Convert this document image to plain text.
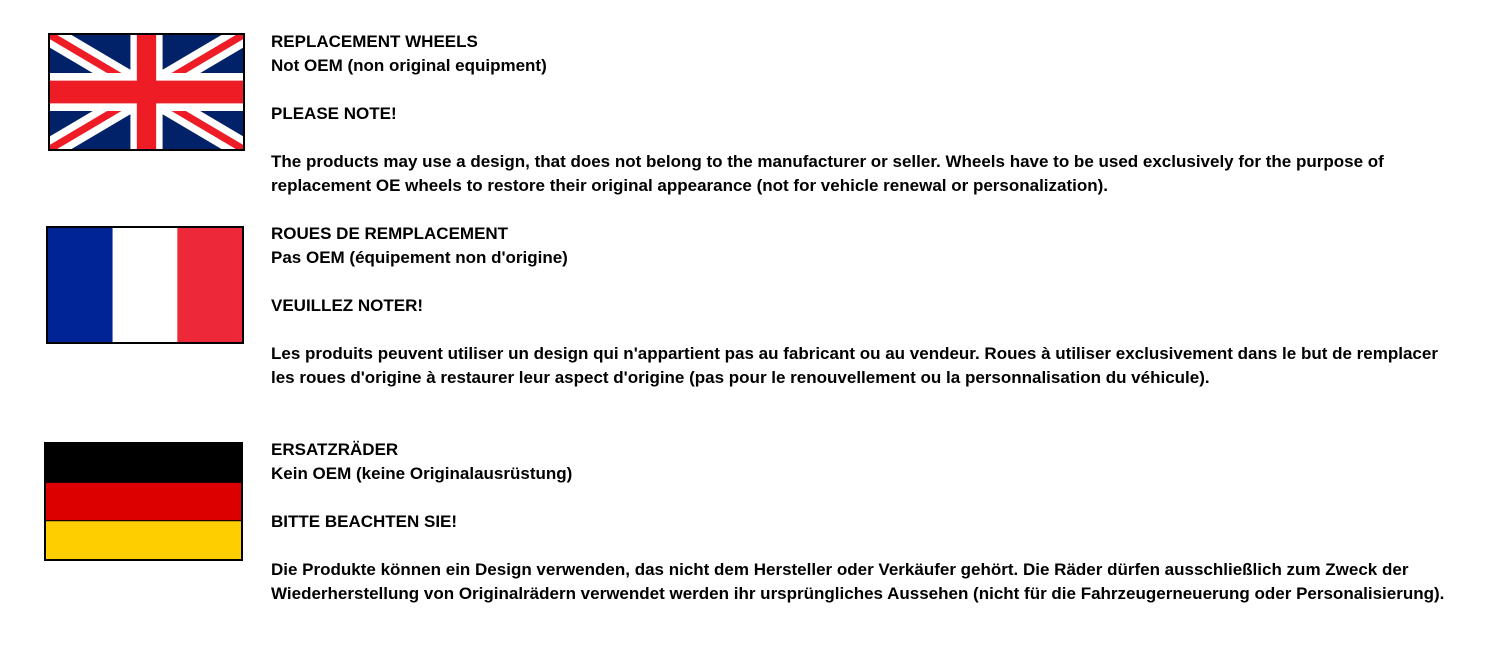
REPLACEMENT WHEELS

Not OEM (non original equipment)

PLEASE NOTE!

The products may use a design, that does not belong to the manufacturer or seller. Wheels have to be used exclusively for the purpose of replacement OE wheels to restore their original appearance (not for vehicle renewal or personalization).

ROUES DE REMPLACEMENT

Pas OEM (équipement non d'origine)

VEUILLEZ NOTER!

Les produits peuvent utiliser un design qui n'appartient pas au fabricant ou au vendeur. Roues à utiliser exclusivement dans le but de remplacer les roues d'origine à restaurer leur aspect d'origine (pas pour le renouvellement ou la personnalisation du véhicule).

ERSATZRÄDER

Kein OEM (keine Originalausrüstung)

BITTE BEACHTEN SIE!

Die Produkte können ein Design verwenden, das nicht dem Hersteller oder Verkäufer gehört. Die Räder dürfen ausschließlich zum Zweck der Wiederherstellung von Originalrädern verwendet werden ihr ursprüngliches Aussehen (nicht für die Fahrzeugerneuerung oder Personalisierung).
